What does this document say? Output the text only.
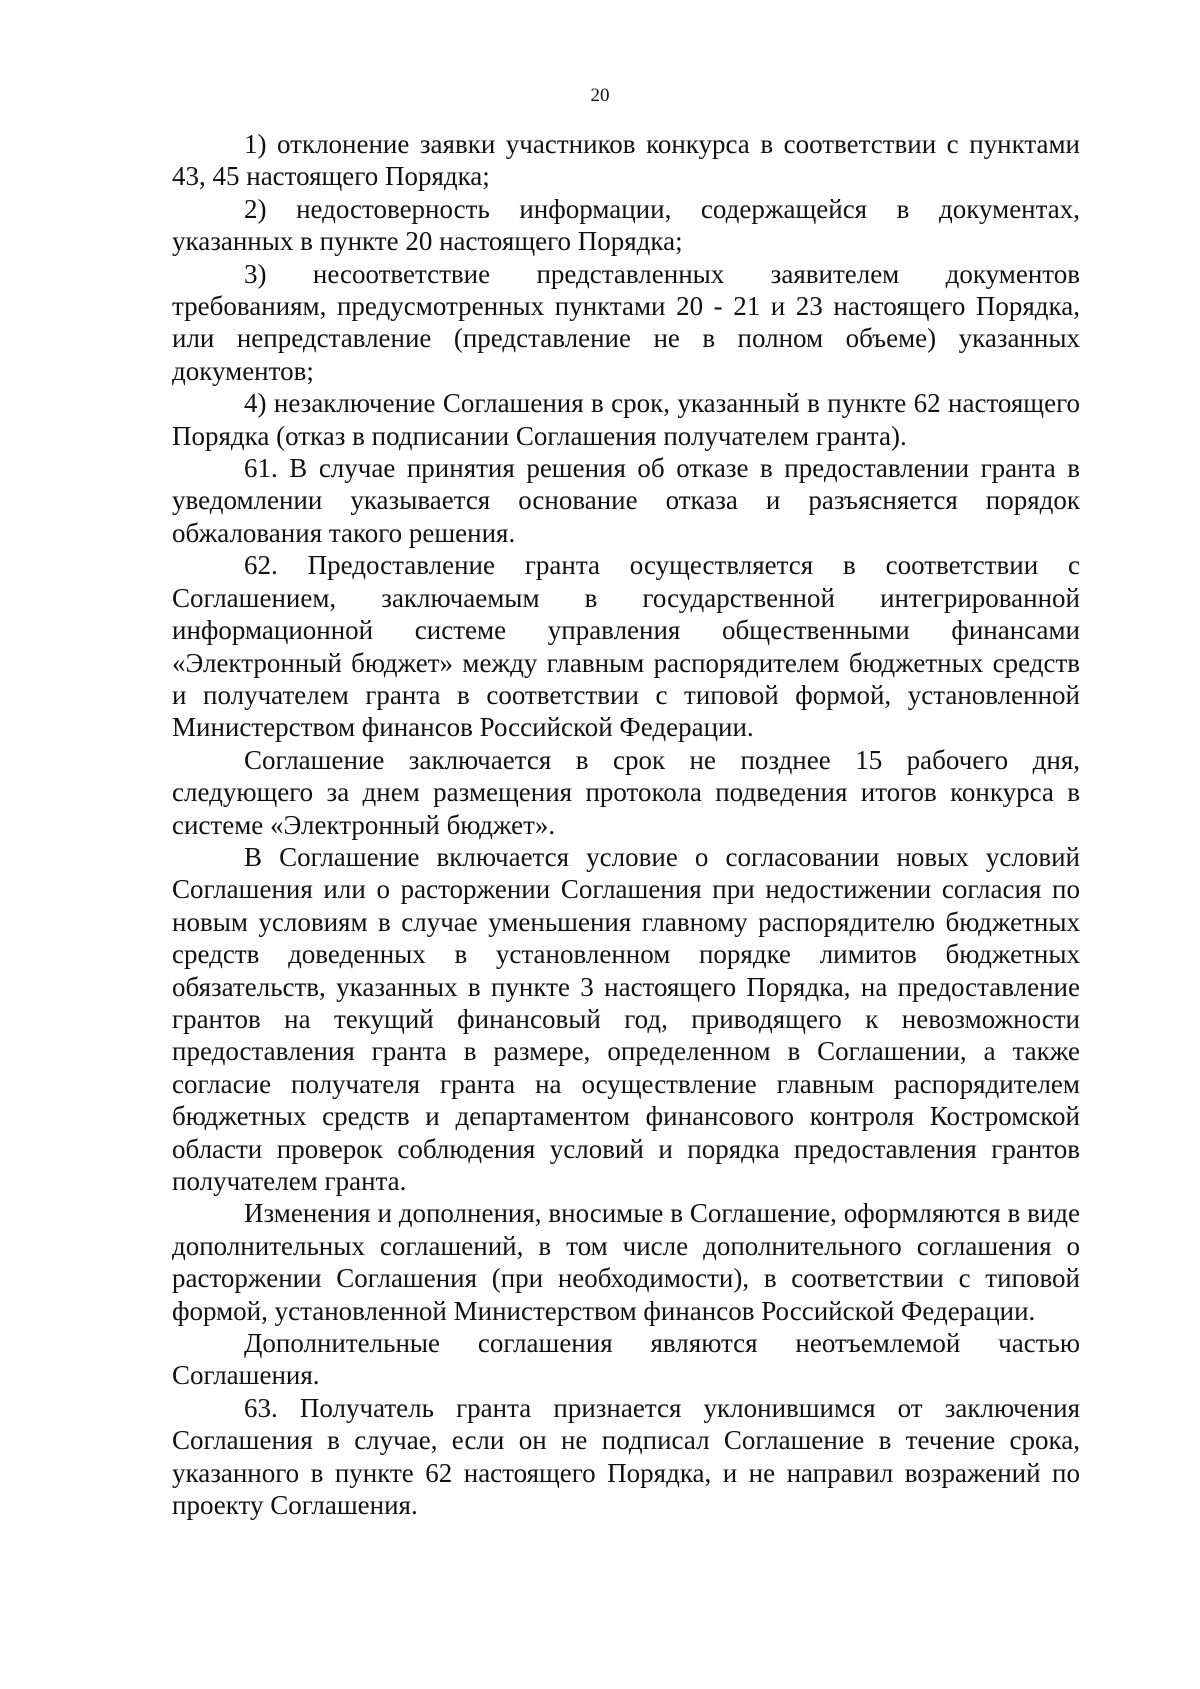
20

1) отклонение заявки участников конкурса в соответствии с пунктами 43, 45 настоящего Порядка;

2) недостоверность информации, содержащейся в документах, указанных в пункте 20 настоящего Порядка;

3) несоответствие представленных заявителем документов требованиям, предусмотренных пунктами 20 - 21 и 23 настоящего Порядка, или непредставление (представление не в полном объеме) указанных документов;

4) незаключение Соглашения в срок, указанный в пункте 62 настоящего Порядка (отказ в подписании Соглашения получателем гранта).

61. В случае принятия решения об отказе в предоставлении гранта в уведомлении указывается основание отказа и разъясняется порядок обжалования такого решения.

62. Предоставление гранта осуществляется в соответствии с Соглашением, заключаемым в государственной интегрированной информационной системе управления общественными финансами «Электронный бюджет» между главным распорядителем бюджетных средств и получателем гранта в соответствии с типовой формой, установленной Министерством финансов Российской Федерации.

Соглашение заключается в срок не позднее 15 рабочего дня, следующего за днем размещения протокола подведения итогов конкурса в системе «Электронный бюджет».

В Соглашение включается условие о согласовании новых условий Соглашения или о расторжении Соглашения при недостижении согласия по новым условиям в случае уменьшения главному распорядителю бюджетных средств доведенных в установленном порядке лимитов бюджетных обязательств, указанных в пункте 3 настоящего Порядка, на предоставление грантов на текущий финансовый год, приводящего к невозможности предоставления гранта в размере, определенном в Соглашении, а также согласие получателя гранта на осуществление главным распорядителем бюджетных средств и департаментом финансового контроля Костромской области проверок соблюдения условий и порядка предоставления грантов получателем гранта.

Изменения и дополнения, вносимые в Соглашение, оформляются в виде дополнительных соглашений, в том числе дополнительного соглашения о расторжении Соглашения (при необходимости), в соответствии с типовой формой, установленной Министерством финансов Российской Федерации.

Дополнительные соглашения являются неотъемлемой частью Соглашения.

63. Получатель гранта признается уклонившимся от заключения Соглашения в случае, если он не подписал Соглашение в течение срока, указанного в пункте 62 настоящего Порядка, и не направил возражений по проекту Соглашения.
